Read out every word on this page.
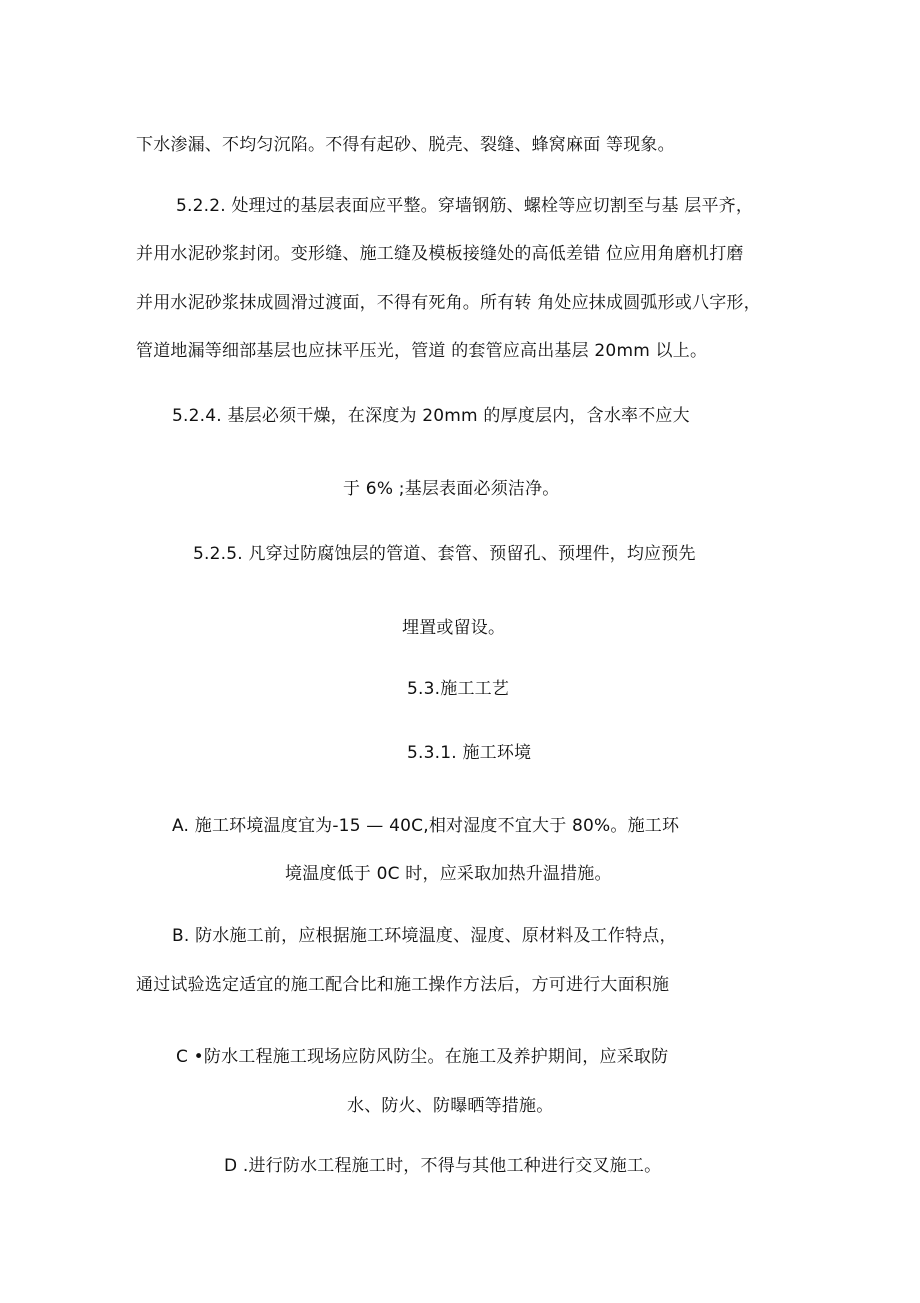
下水渗漏、不均匀沉陷。不得有起砂、脱壳、裂缝、蜂窝麻面 等现象。
5.2.2. 处理过的基层表面应平整。穿墙钢筋、螺栓等应切割至与基 层平齐，
并用水泥砂浆封闭。变形缝、施工缝及模板接缝处的高低差错 位应用角磨机打磨
并用水泥砂浆抹成圆滑过渡面，不得有死角。所有转 角处应抹成圆弧形或八字形，
管道地漏等细部基层也应抹平压光，管道 的套管应高出基层 20mm 以上。
5.2.4. 基层必须干燥，在深度为 20mm 的厚度层内，含水率不应大
于 6% ;基层表面必须洁净。
5.2.5. 凡穿过防腐蚀层的管道、套管、预留孔、预埋件，均应预先
埋置或留设。
5.3.施工工艺
5.3.1. 施工环境
A. 施工环境温度宜为-15 — 40C,相对湿度不宜大于 80%。施工环
境温度低于 0C 时，应采取加热升温措施。
B. 防水施工前，应根据施工环境温度、湿度、原材料及工作特点，
通过试验选定适宜的施工配合比和施工操作方法后，方可进行大面积施
C •防水工程施工现场应防风防尘。在施工及养护期间，应采取防
水、防火、防曝晒等措施。
D .进行防水工程施工时，不得与其他工种进行交叉施工。
